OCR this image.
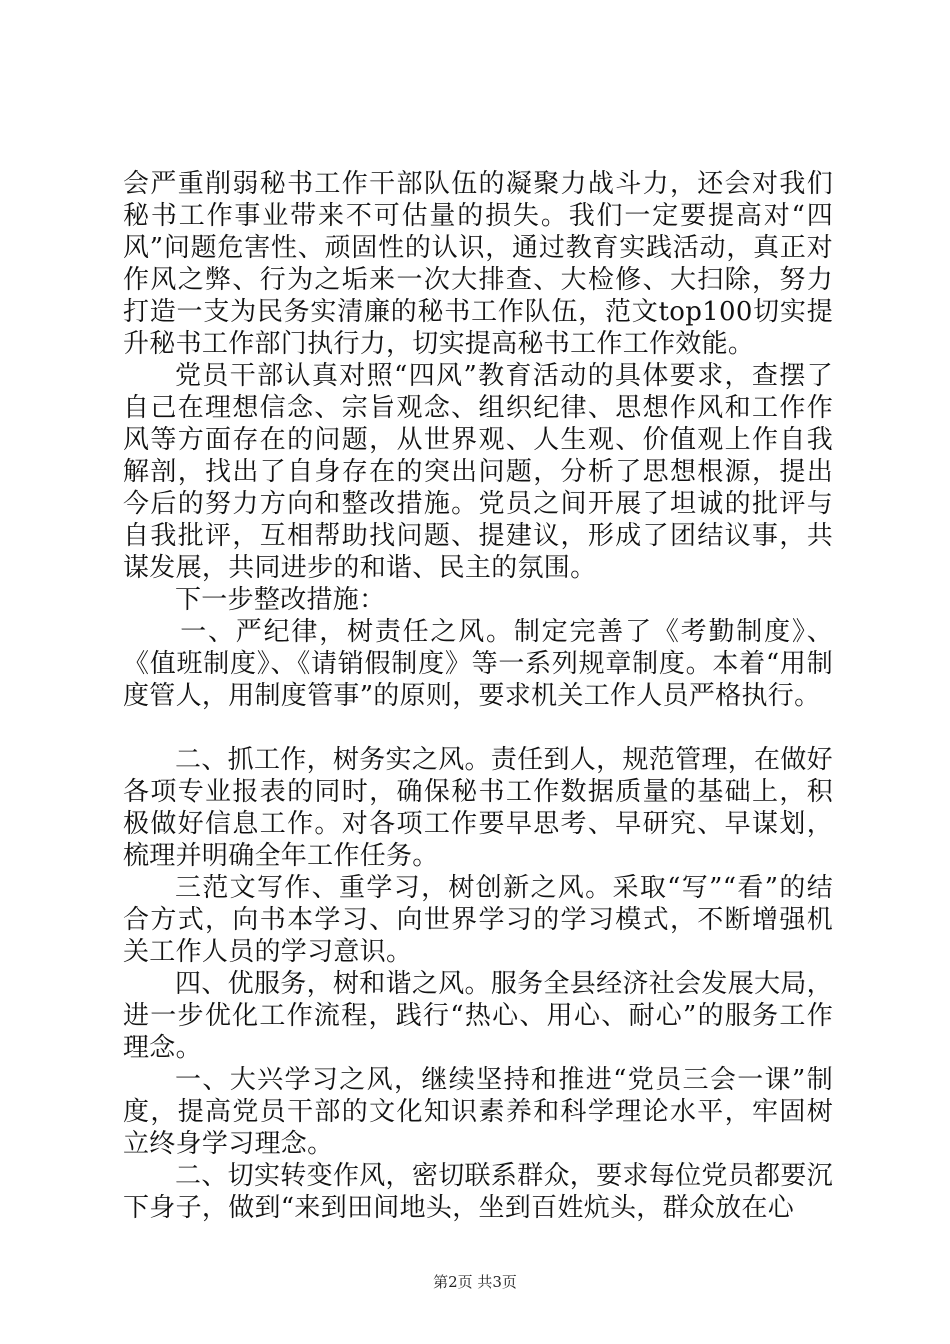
会严重削弱秘书工作干部队伍的凝聚力战斗力，还会对我们秘书工作事业带来不可估量的损失。我们一定要提高对“四风”问题危害性、顽固性的认识，通过教育实践活动，真正对作风之弊、行为之垢来一次大排查、大检修、大扫除，努力打造一支为民务实清廉的秘书工作队伍，范文top100切实提升秘书工作部门执行力，切实提高秘书工作工作效能。

党员干部认真对照“四风”教育活动的具体要求，查摆了自己在理想信念、宗旨观念、组织纪律、思想作风和工作作风等方面存在的问题，从世界观、人生观、价值观上作自我解剖，找出了自身存在的突出问题，分析了思想根源，提出今后的努力方向和整改措施。党员之间开展了坦诚的批评与自我批评，互相帮助找问题、提建议，形成了团结议事，共谋发展，共同进步的和谐、民主的氛围。

下一步整改措施：

一、严纪律，树责任之风。制定完善了《考勤制度》、《值班制度》、《请销假制度》等一系列规章制度。本着“用制度管人，用制度管事”的原则，要求机关工作人员严格执行。

二、抓工作，树务实之风。责任到人，规范管理，在做好各项专业报表的同时，确保秘书工作数据质量的基础上，积极做好信息工作。对各项工作要早思考、早研究、早谋划，梳理并明确全年工作任务。

三范文写作、重学习，树创新之风。采取“写”“看”的结合方式，向书本学习、向世界学习的学习模式，不断增强机关工作人员的学习意识。

四、优服务，树和谐之风。服务全县经济社会发展大局，进一步优化工作流程，践行“热心、用心、耐心”的服务工作理念。

一、大兴学习之风，继续坚持和推进“党员三会一课”制度，提高党员干部的文化知识素养和科学理论水平，牢固树立终身学习理念。

二、切实转变作风，密切联系群众，要求每位党员都要沉下身子，做到“来到田间地头，坐到百姓炕头，群众放在心

第2页 共3页
